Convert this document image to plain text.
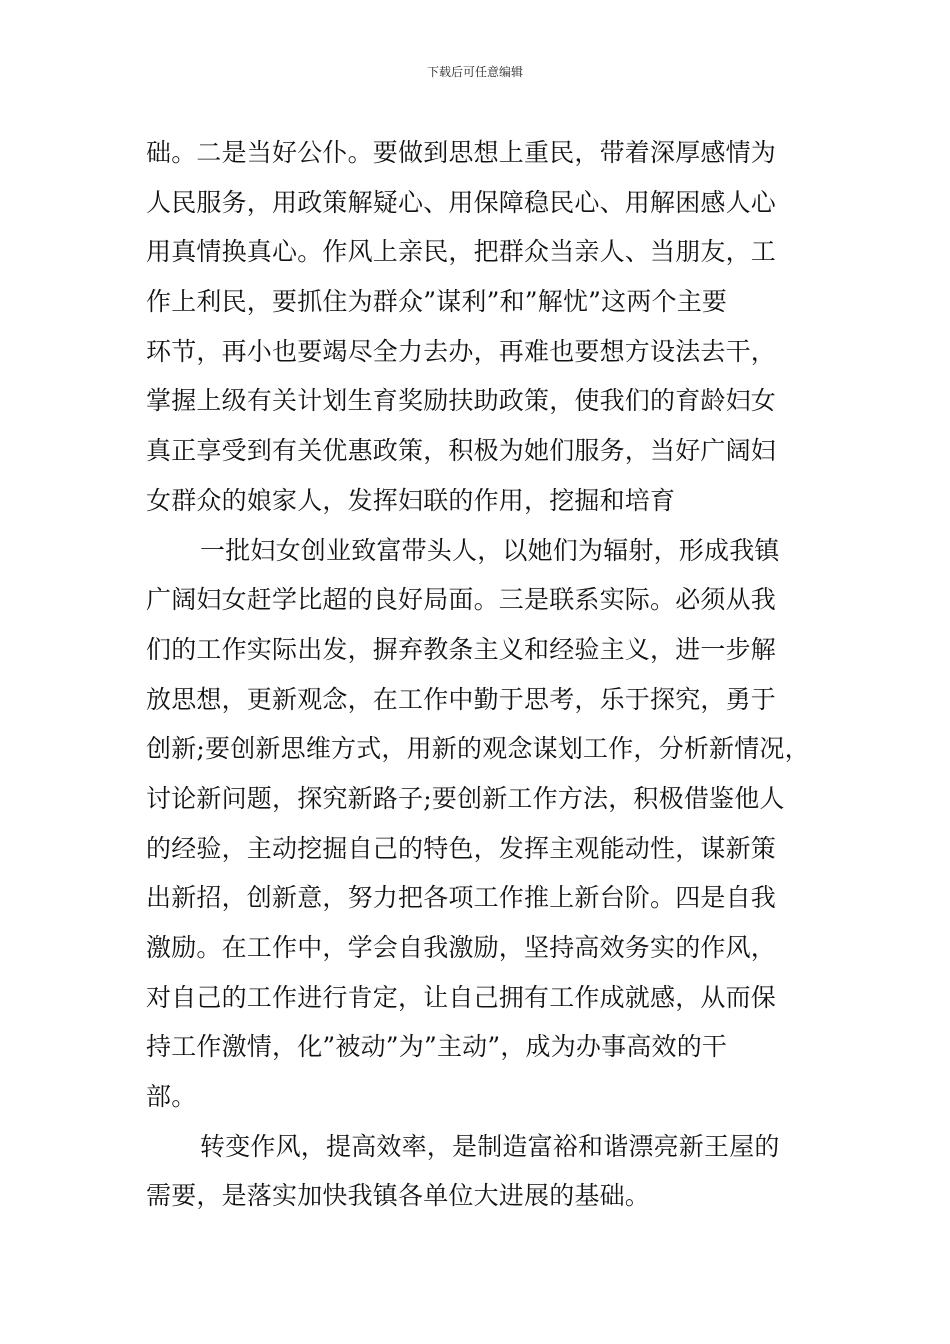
下载后可任意编辑
础。二是当好公仆。要做到思想上重民，带着深厚感情为
人民服务，用政策解疑心、用保障稳民心、用解困感人心
用真情换真心。作风上亲民，把群众当亲人、当朋友，工
作上利民，要抓住为群众”谋利”和”解忧”这两个主要
环节，再小也要竭尽全力去办，再难也要想方设法去干，
掌握上级有关计划生育奖励扶助政策，使我们的育龄妇女
真正享受到有关优惠政策，积极为她们服务，当好广阔妇
女群众的娘家人，发挥妇联的作用，挖掘和培育
一批妇女创业致富带头人，以她们为辐射，形成我镇
广阔妇女赶学比超的良好局面。三是联系实际。必须从我
们的工作实际出发，摒弃教条主义和经验主义，进一步解
放思想，更新观念，在工作中勤于思考，乐于探究，勇于
创新;要创新思维方式，用新的观念谋划工作，分析新情况，
讨论新问题，探究新路子;要创新工作方法，积极借鉴他人
的经验，主动挖掘自己的特色，发挥主观能动性，谋新策
出新招，创新意，努力把各项工作推上新台阶。四是自我
激励。在工作中，学会自我激励，坚持高效务实的作风，
对自己的工作进行肯定，让自己拥有工作成就感，从而保
持工作激情，化”被动”为”主动”，成为办事高效的干
部。
转变作风，提高效率，是制造富裕和谐漂亮新王屋的
需要，是落实加快我镇各单位大进展的基础。
